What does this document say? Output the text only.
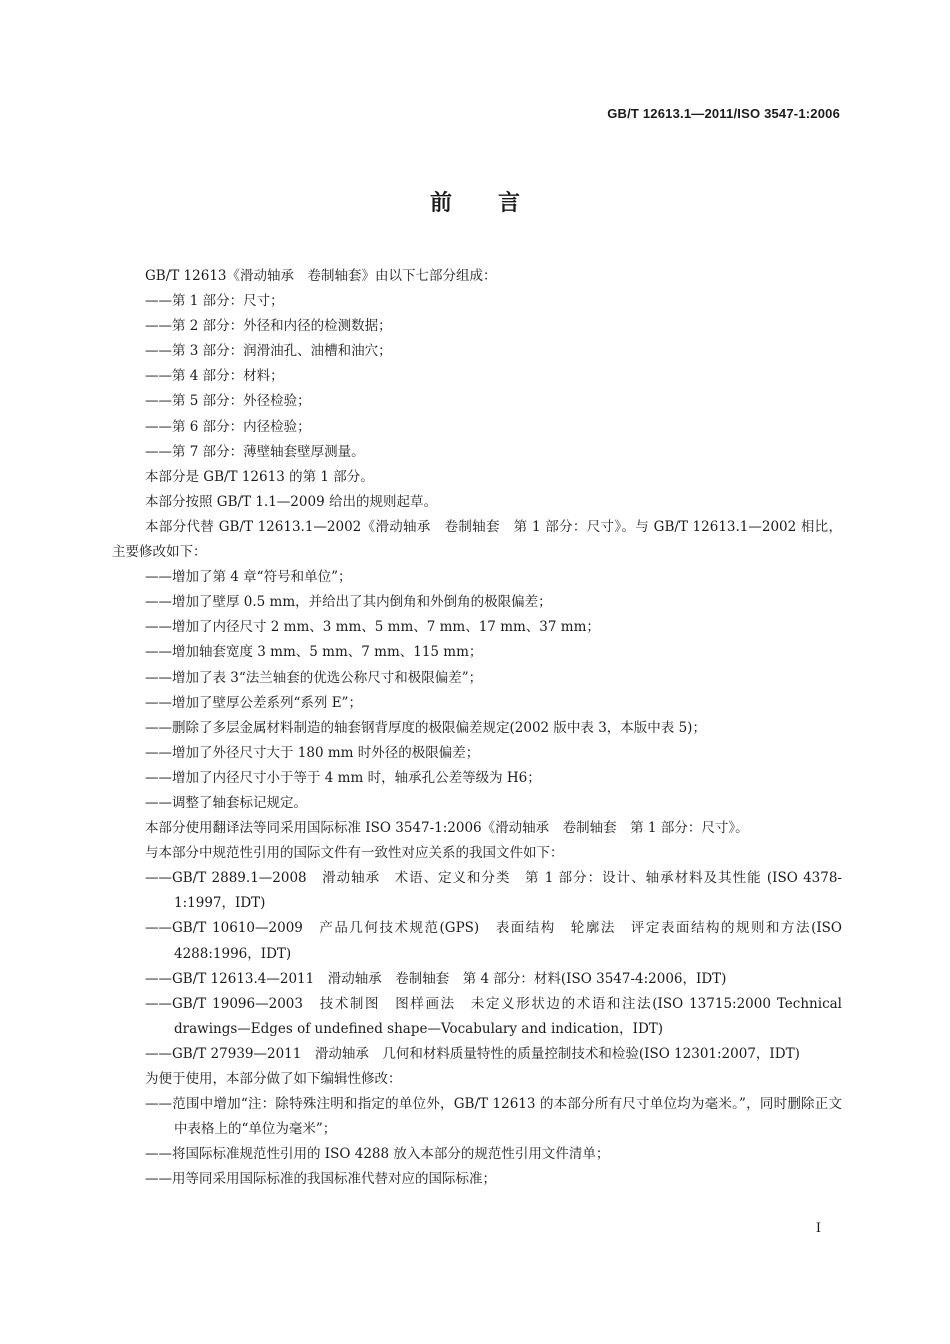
GB/T 12613.1—2011/ISO 3547-1:2006
前言

GB/T 12613《滑动轴承　卷制轴套》由以下七部分组成：

——第 1 部分：尺寸；

——第 2 部分：外径和内径的检测数据；

——第 3 部分：润滑油孔、油槽和油穴；

——第 4 部分：材料；

——第 5 部分：外径检验；

——第 6 部分：内径检验；

——第 7 部分：薄壁轴套壁厚测量。

本部分是 GB/T 12613 的第 1 部分。

本部分按照 GB/T 1.1—2009 给出的规则起草。

本部分代替 GB/T 12613.1—2002《滑动轴承　卷制轴套　第 1 部分：尺寸》。与 GB/T 12613.1—2002 相比，主要修改如下：

——增加了第 4 章“符号和单位”；

——增加了壁厚 0.5 mm，并给出了其内倒角和外倒角的极限偏差；

——增加了内径尺寸 2 mm、3 mm、5 mm、7 mm、17 mm、37 mm；

——增加轴套宽度 3 mm、5 mm、7 mm、115 mm；

——增加了表 3“法兰轴套的优选公称尺寸和极限偏差”；

——增加了壁厚公差系列“系列 E”；

——删除了多层金属材料制造的轴套钢背厚度的极限偏差规定(2002 版中表 3，本版中表 5)；

——增加了外径尺寸大于 180 mm 时外径的极限偏差；

——增加了内径尺寸小于等于 4 mm 时，轴承孔公差等级为 H6；

——调整了轴套标记规定。

本部分使用翻译法等同采用国际标准 ISO 3547-1:2006《滑动轴承　卷制轴套　第 1 部分：尺寸》。

与本部分中规范性引用的国际文件有一致性对应关系的我国文件如下：

——GB/T 2889.1—2008　滑动轴承　术语、定义和分类　第 1 部分：设计、轴承材料及其性能 (ISO 4378-1:1997，IDT)

——GB/T 10610—2009　产品几何技术规范(GPS)　表面结构　轮廓法　评定表面结构的规则和方法(ISO 4288:1996，IDT)

——GB/T 12613.4—2011　滑动轴承　卷制轴套　第 4 部分：材料(ISO 3547-4:2006，IDT)

——GB/T 19096—2003　技术制图　图样画法　未定义形状边的术语和注法(ISO 13715:2000 Technical drawings—Edges of undefined shape—Vocabulary and indication，IDT)

——GB/T 27939—2011　滑动轴承　几何和材料质量特性的质量控制技术和检验(ISO 12301:2007，IDT)

为便于使用，本部分做了如下编辑性修改：

——范围中增加“注：除特殊注明和指定的单位外，GB/T 12613 的本部分所有尺寸单位均为毫米。”，同时删除正文中表格上的“单位为毫米”；

——将国际标准规范性引用的 ISO 4288 放入本部分的规范性引用文件清单；

——用等同采用国际标准的我国标准代替对应的国际标准；

I
